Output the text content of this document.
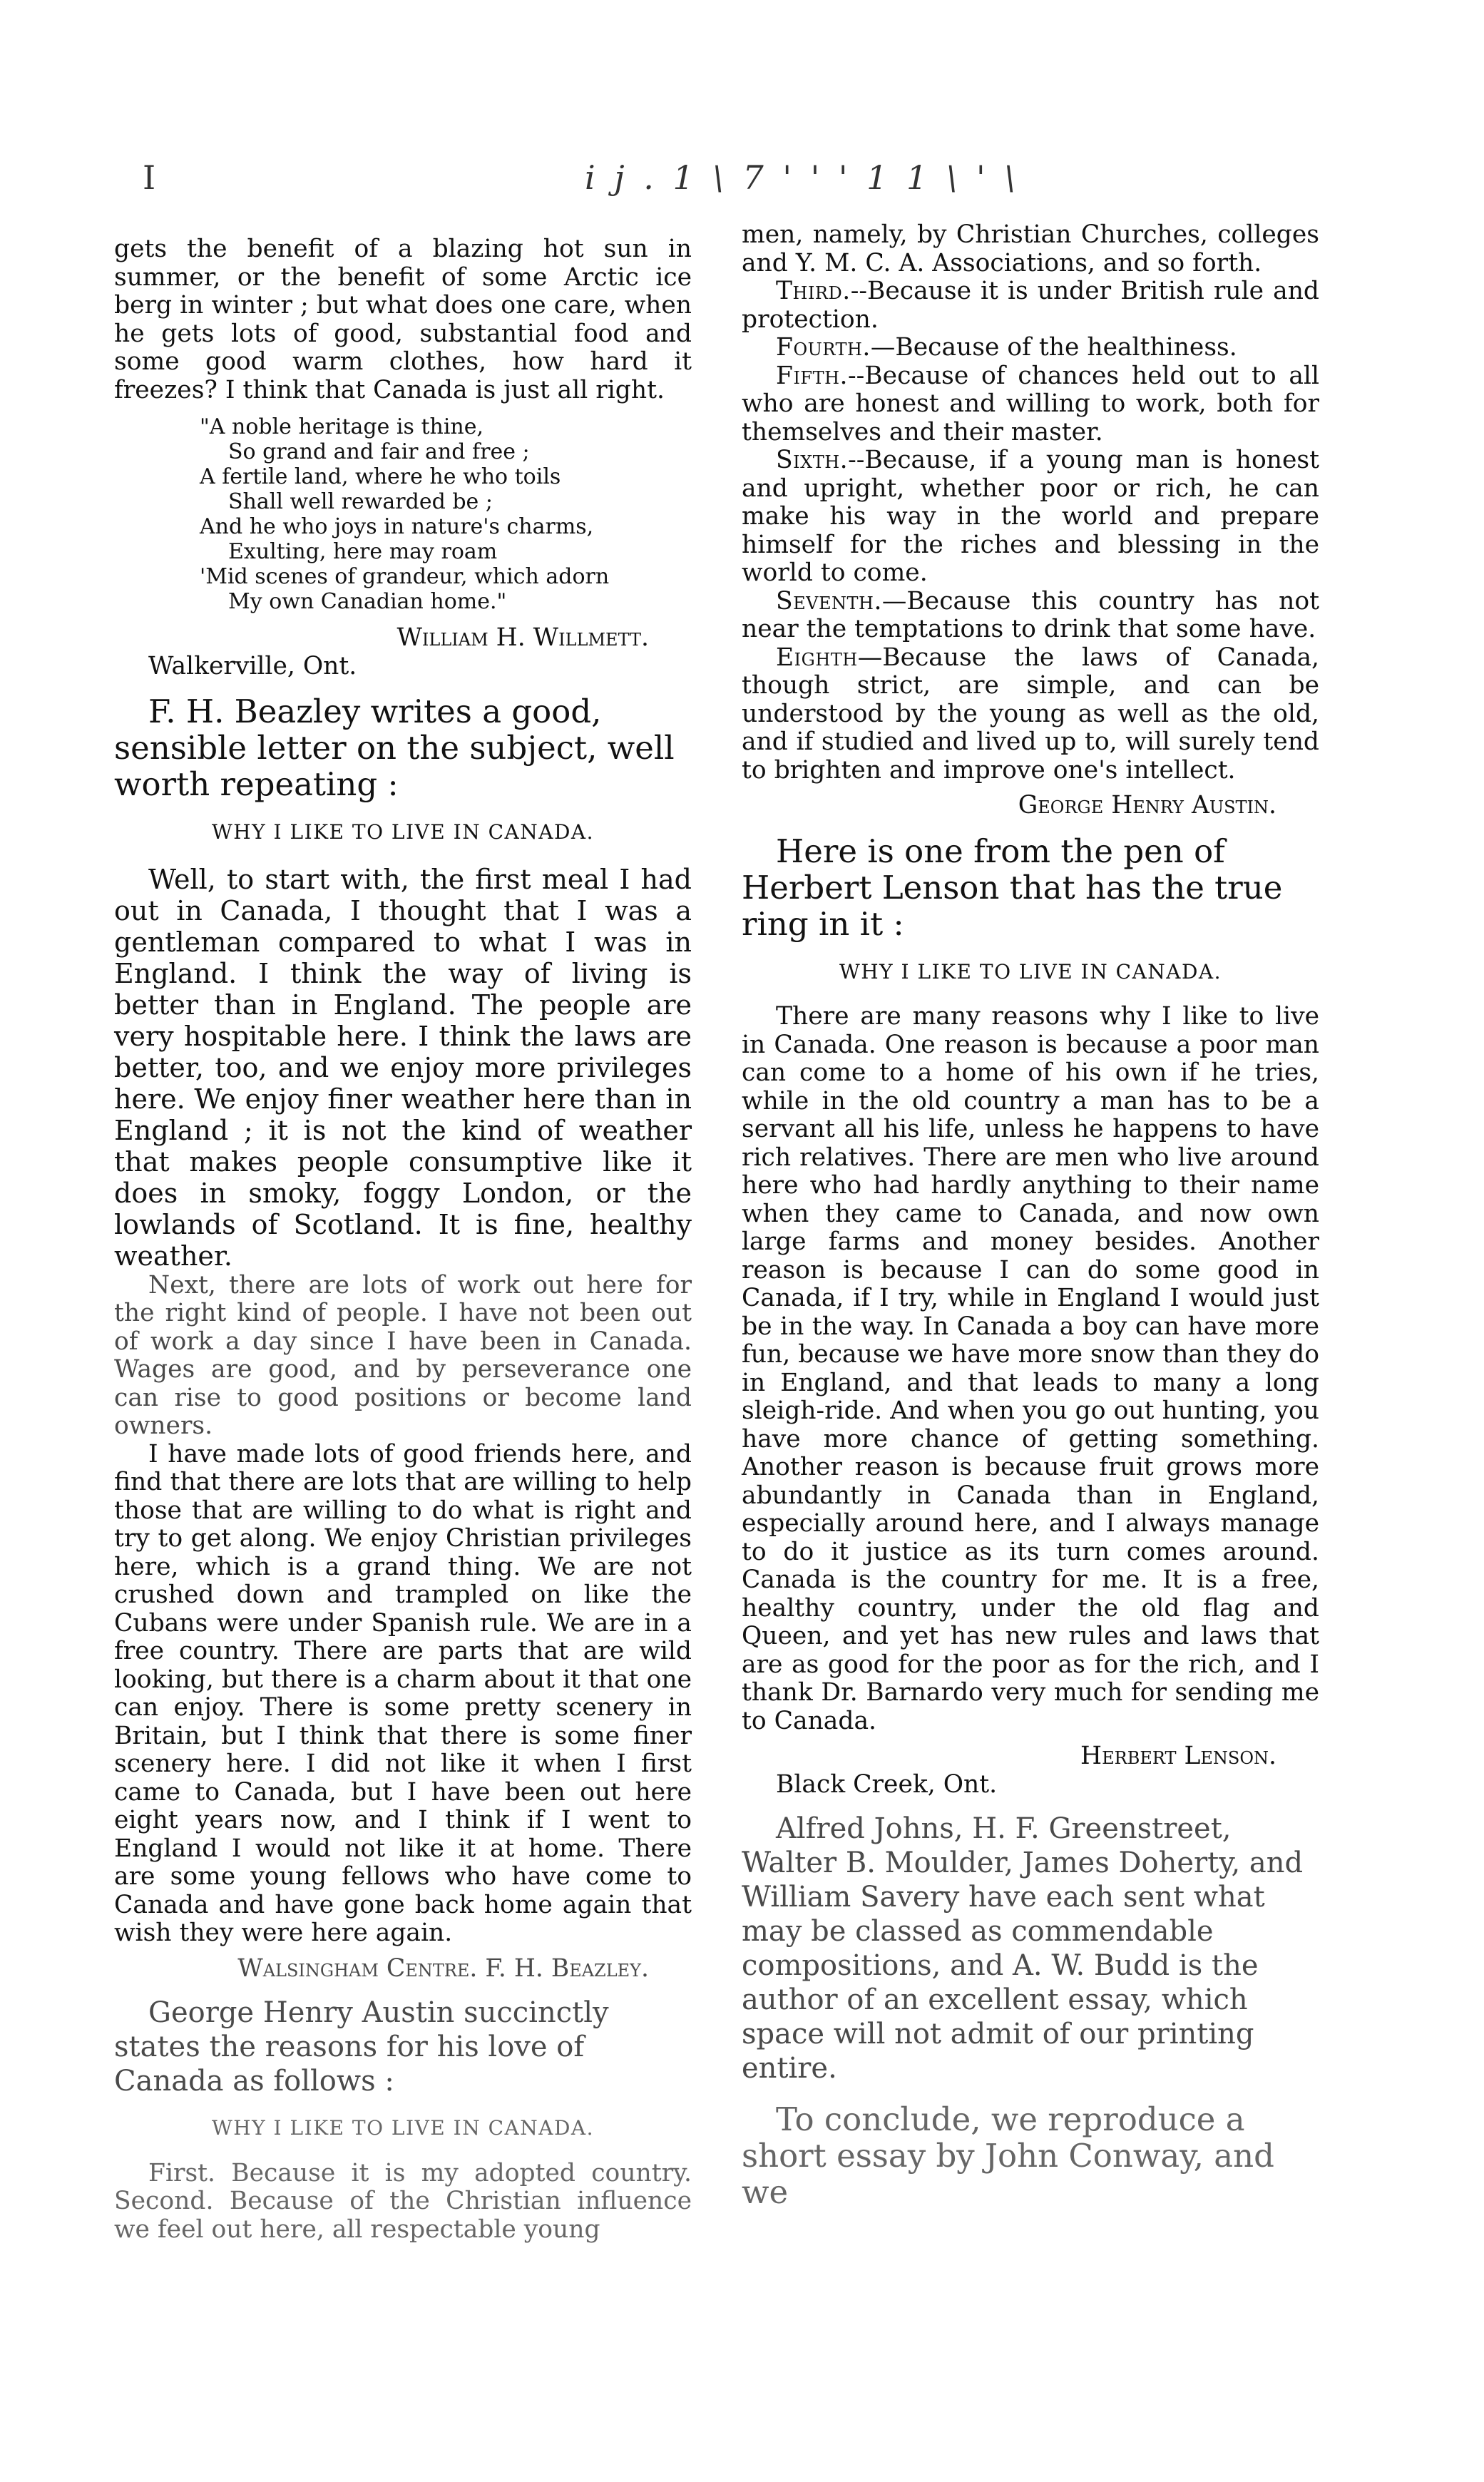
I	i j . 1 \ 7 ' ' ' 1 1 \ ' \

gets the benefit of a blazing hot sun in summer, or the benefit of some Arctic ice berg in winter ; but what does one care, when he gets lots of good, substantial food and some good warm clothes, how hard it freezes? I think that Canada is just all right.

"A noble heritage is thine,
So grand and fair and free ;
A fertile land, where he who toils
Shall well rewarded be ;
And he who joys in nature's charms,
Exulting, here may roam
'Mid scenes of grandeur, which adorn
My own Canadian home."

William H. Willmett.

Walkerville, Ont.

F. H. Beazley writes a good, sensible letter on the subject, well worth repeating :

WHY I LIKE TO LIVE IN CANADA.

Well, to start with, the first meal I had out in Canada, I thought that I was a gentleman compared to what I was in England. I think the way of living is better than in England. The people are very hospitable here. I think the laws are better, too, and we enjoy more privileges here. We enjoy finer weather here than in England ; it is not the kind of weather that makes people consumptive like it does in smoky, foggy London, or the lowlands of Scotland. It is fine, healthy weather.

Next, there are lots of work out here for the right kind of people. I have not been out of work a day since I have been in Canada. Wages are good, and by perseverance one can rise to good positions or become land owners.

I have made lots of good friends here, and find that there are lots that are willing to help those that are willing to do what is right and try to get along. We enjoy Christian privileges here, which is a grand thing. We are not crushed down and trampled on like the Cubans were under Spanish rule. We are in a free country. There are parts that are wild looking, but there is a charm about it that one can enjoy. There is some pretty scenery in Britain, but I think that there is some finer scenery here. I did not like it when I first came to Canada, but I have been out here eight years now, and I think if I went to England I would not like it at home. There are some young fellows who have come to Canada and have gone back home again that wish they were here again.

Walsingham Centre. F. H. Beazley.

George Henry Austin succinctly states the reasons for his love of Canada as follows :

WHY I LIKE TO LIVE IN CANADA.

First. Because it is my adopted country. Second. Because of the Christian influence we feel out here, all respectable young

men, namely, by Christian Churches, colleges and Y. M. C. A. Associations, and so forth.

Third.--Because it is under British rule and protection.

Fourth.—Because of the healthiness.

Fifth.--Because of chances held out to all who are honest and willing to work, both for themselves and their master.

Sixth.--Because, if a young man is honest and upright, whether poor or rich, he can make his way in the world and prepare himself for the riches and blessing in the world to come.

Seventh.—Because this country has not near the temptations to drink that some have.

Eighth—Because the laws of Canada, though strict, are simple, and can be understood by the young as well as the old, and if studied and lived up to, will surely tend to brighten and improve one's intellect.

George Henry Austin.

Here is one from the pen of Herbert Lenson that has the true ring in it :

WHY I LIKE TO LIVE IN CANADA.

There are many reasons why I like to live in Canada. One reason is because a poor man can come to a home of his own if he tries, while in the old country a man has to be a servant all his life, unless he happens to have rich relatives. There are men who live around here who had hardly anything to their name when they came to Canada, and now own large farms and money besides. Another reason is because I can do some good in Canada, if I try, while in England I would just be in the way. In Canada a boy can have more fun, because we have more snow than they do in England, and that leads to many a long sleigh-ride. And when you go out hunting, you have more chance of getting something. Another reason is because fruit grows more abundantly in Canada than in England, especially around here, and I always manage to do it justice as its turn comes around. Canada is the country for me. It is a free, healthy country, under the old flag and Queen, and yet has new rules and laws that are as good for the poor as for the rich, and I thank Dr. Barnardo very much for sending me to Canada.

Herbert Lenson.

Black Creek, Ont.

Alfred Johns, H. F. Greenstreet, Walter B. Moulder, James Doherty, and William Savery have each sent what may be classed as commendable compositions, and A. W. Budd is the author of an excellent essay, which space will not admit of our printing entire.

To conclude, we reproduce a short essay by John Conway, and we
